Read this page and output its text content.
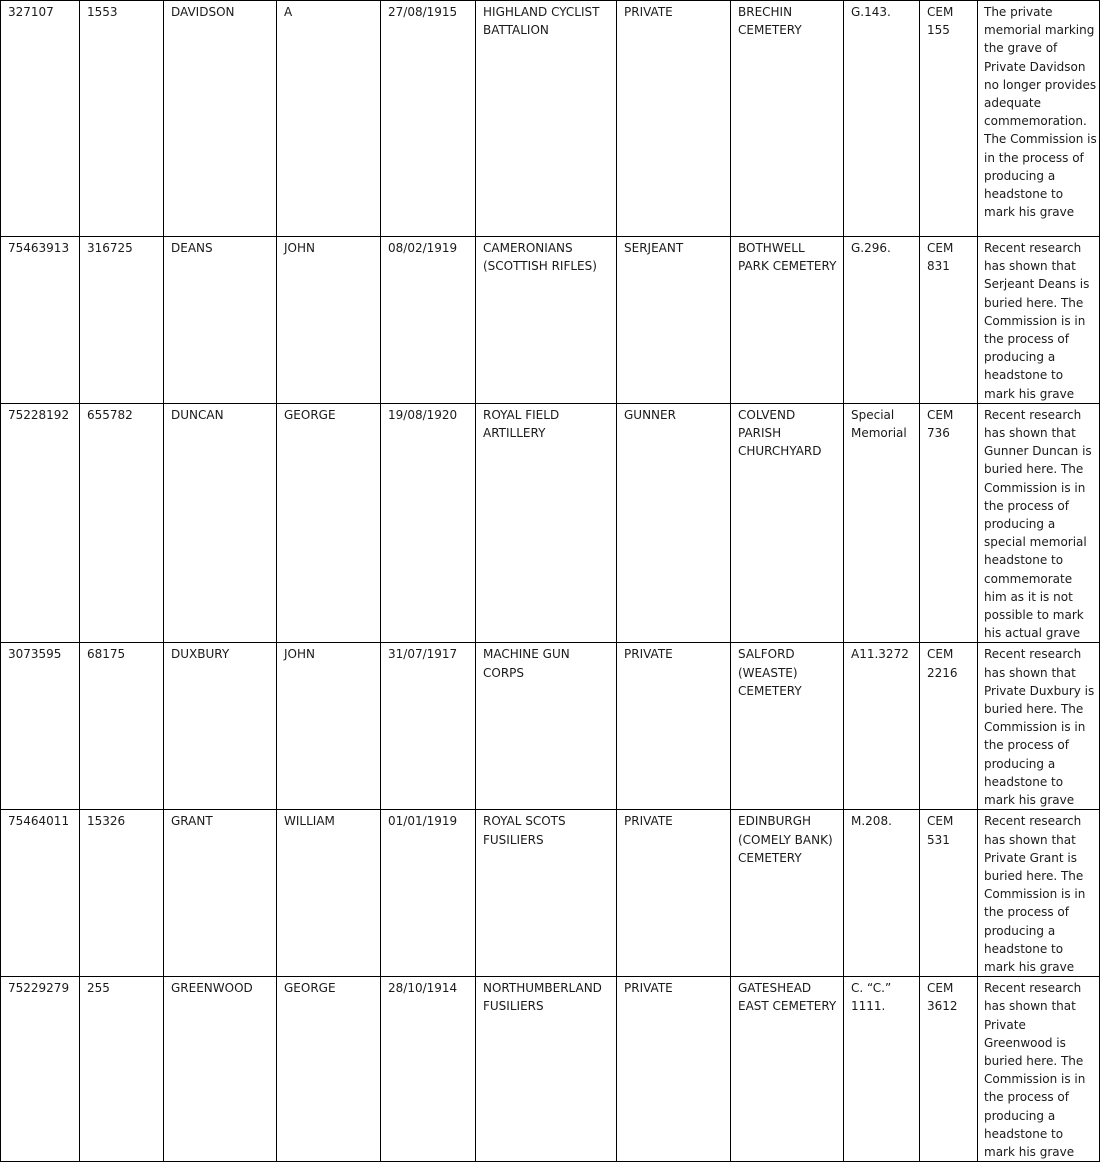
327107	1553	DAVIDSON	A	27/08/1915	HIGHLAND CYCLIST BATTALION	PRIVATE	BRECHIN CEMETERY	G.143.	CEM 155	The private memorial marking the grave of Private Davidson no longer provides adequate commemoration. The Commission is in the process of producing a headstone to mark his grave
75463913	316725	DEANS	JOHN	08/02/1919	CAMERONIANS (SCOTTISH RIFLES)	SERJEANT	BOTHWELL PARK CEMETERY	G.296.	CEM 831	Recent research has shown that Serjeant Deans is buried here. The Commission is in the process of producing a headstone to mark his grave
75228192	655782	DUNCAN	GEORGE	19/08/1920	ROYAL FIELD ARTILLERY	GUNNER	COLVEND PARISH CHURCHYARD	Special Memorial	CEM 736	Recent research has shown that Gunner Duncan is buried here. The Commission is in the process of producing a special memorial headstone to commemorate him as it is not possible to mark his actual grave
3073595	68175	DUXBURY	JOHN	31/07/1917	MACHINE GUN CORPS	PRIVATE	SALFORD (WEASTE) CEMETERY	A11.3272	CEM 2216	Recent research has shown that Private Duxbury is buried here. The Commission is in the process of producing a headstone to mark his grave
75464011	15326	GRANT	WILLIAM	01/01/1919	ROYAL SCOTS FUSILIERS	PRIVATE	EDINBURGH (COMELY BANK) CEMETERY	M.208.	CEM 531	Recent research has shown that Private Grant is buried here. The Commission is in the process of producing a headstone to mark his grave
75229279	255	GREENWOOD	GEORGE	28/10/1914	NORTHUMBERLAND FUSILIERS	PRIVATE	GATESHEAD EAST CEMETERY	C. “C.” 1111.	CEM 3612	Recent research has shown that Private Greenwood is buried here. The Commission is in the process of producing a headstone to mark his grave
